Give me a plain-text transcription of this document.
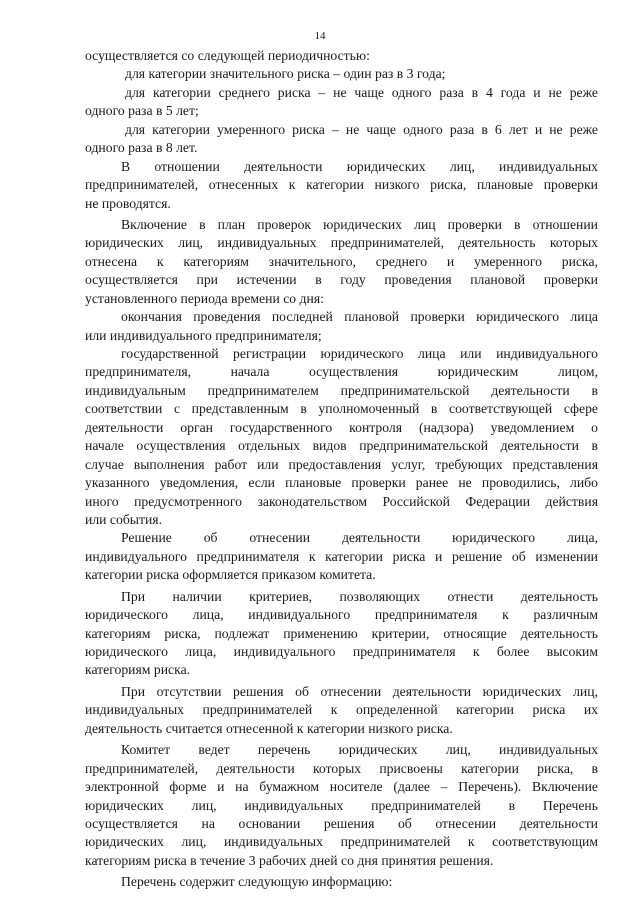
14
осуществляется со следующей периодичностью:
для категории значительного риска – один раз в 3 года;
для категории среднего риска – не чаще одного раза в 4 года и не реже
одного раза в 5 лет;
для категории умеренного риска – не чаще одного раза в 6 лет и не реже
одного раза в 8 лет.
В отношении деятельности юридических лиц, индивидуальных
предпринимателей, отнесенных к категории низкого риска, плановые проверки
не проводятся.
Включение в план проверок юридических лиц проверки в отношении
юридических лиц, индивидуальных предпринимателей, деятельность которых
отнесена к категориям значительного, среднего и умеренного риска,
осуществляется при истечении в году проведения плановой проверки
установленного периода времени со дня:
окончания проведения последней плановой проверки юридического лица
или индивидуального предпринимателя;
государственной регистрации юридического лица или индивидуального
предпринимателя, начала осуществления юридическим лицом,
индивидуальным предпринимателем предпринимательской деятельности в
соответствии с представленным в уполномоченный в соответствующей сфере
деятельности орган государственного контроля (надзора) уведомлением о
начале осуществления отдельных видов предпринимательской деятельности в
случае выполнения работ или предоставления услуг, требующих представления
указанного уведомления, если плановые проверки ранее не проводились, либо
иного предусмотренного законодательством Российской Федерации действия
или события.
Решение об отнесении деятельности юридического лица,
индивидуального предпринимателя к категории риска и решение об изменении
категории риска оформляется приказом комитета.
При наличии критериев, позволяющих отнести деятельность
юридического лица, индивидуального предпринимателя к различным
категориям риска, подлежат применению критерии, относящие деятельность
юридического лица, индивидуального предпринимателя к более высоким
категориям риска.
При отсутствии решения об отнесении деятельности юридических лиц,
индивидуальных предпринимателей к определенной категории риска их
деятельность считается отнесенной к категории низкого риска.
Комитет ведет перечень юридических лиц, индивидуальных
предпринимателей, деятельности которых присвоены категории риска, в
электронной форме и на бумажном носителе (далее – Перечень). Включение
юридических лиц, индивидуальных предпринимателей в Перечень
осуществляется на основании решения об отнесении деятельности
юридических лиц, индивидуальных предпринимателей к соответствующим
категориям риска в течение 3 рабочих дней со дня принятия решения.
Перечень содержит следующую информацию:
